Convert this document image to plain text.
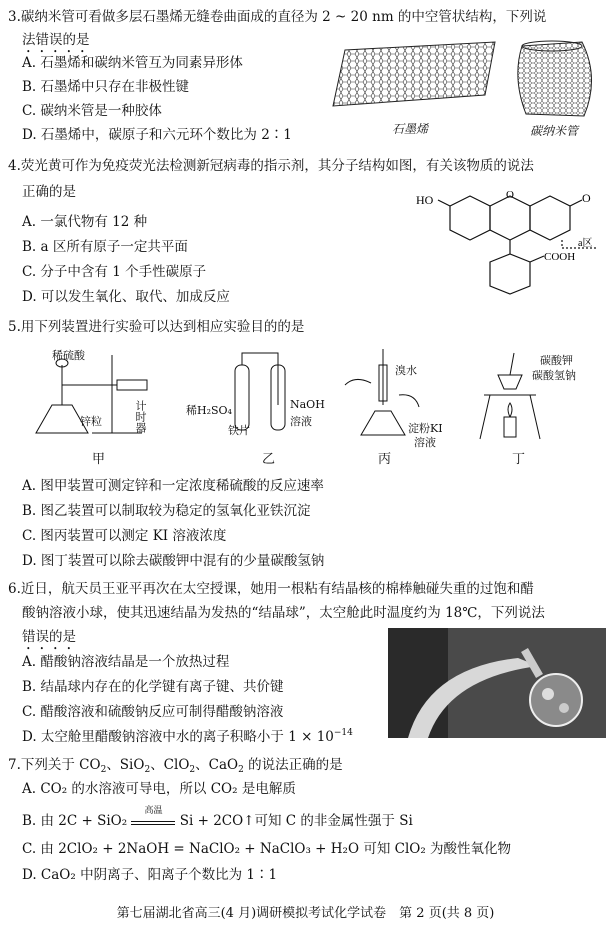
3.碳纳米管可看做多层石墨烯无缝卷曲面成的直径为 2 ~ 20 nm 的中空管状结构，下列说
法错误的是
A. 石墨烯和碳纳米管互为同素异形体
B. 石墨烯中只存在非极性键
C. 碳纳米管是一种胶体
D. 石墨烯中，碳原子和六元环个数比为 2∶1	石墨烯	碳纳米管
4.荧光黄可作为免疫荧光法检测新冠病毒的指示剂，其分子结构如图，有关该物质的说法
正确的是
A. 一氯代物有 12 种
B. a 区所有原子一定共平面
C. 分子中含有 1 个手性碳原子
D. 可以发生氧化、取代、加成反应
HO	O	O
a区
COOH
5.用下列装置进行实验可以达到相应实验目的的是
稀硫酸
锌粒	计时器	稀H₂SO₄
铁片
NaOH
溶液
溴水
淀粉KI
溶液
碳酸钾
碳酸氢钠
甲	乙	丙	丁
A. 图甲装置可测定锌和一定浓度稀硫酸的反应速率
B. 图乙装置可以制取较为稳定的氢氧化亚铁沉淀
C. 图丙装置可以测定 KI 溶液浓度
D. 图丁装置可以除去碳酸钾中混有的少量碳酸氢钠
6.近日，航天员王亚平再次在太空授课，她用一根粘有结晶核的棉棒触碰失重的过饱和醋
酸钠溶液小球，使其迅速结晶为发热的“结晶球”，太空舱此时温度约为 18℃，下列说法
错误的是
A. 醋酸钠溶液结晶是一个放热过程
B. 结晶球内存在的化学键有离子键、共价键
C. 醋酸溶液和硫酸钠反应可制得醋酸钠溶液
D. 太空舱里醋酸钠溶液中水的离子积略小于 $1 \times 10^{-14}$
7.下列关于 $CO_2$、SiO$_2$、ClO$_2$、CaO$_2$ 的说法正确的是
A. CO₂ 的水溶液可导电，所以 CO₂ 是电解质
B. 由 2C + SiO₂
高温
Si + 2CO↑可知 C 的非金属性强于 Si
C. 由 2ClO₂ + 2NaOH = NaClO₂ + NaClO₃ + H₂O 可知 ClO₂ 为酸性氧化物
D. CaO₂ 中阴离子、阳离子个数比为 1∶1
第七届湖北省高三(4 月)调研模拟考试化学试卷　第 2 页(共 8 页)
